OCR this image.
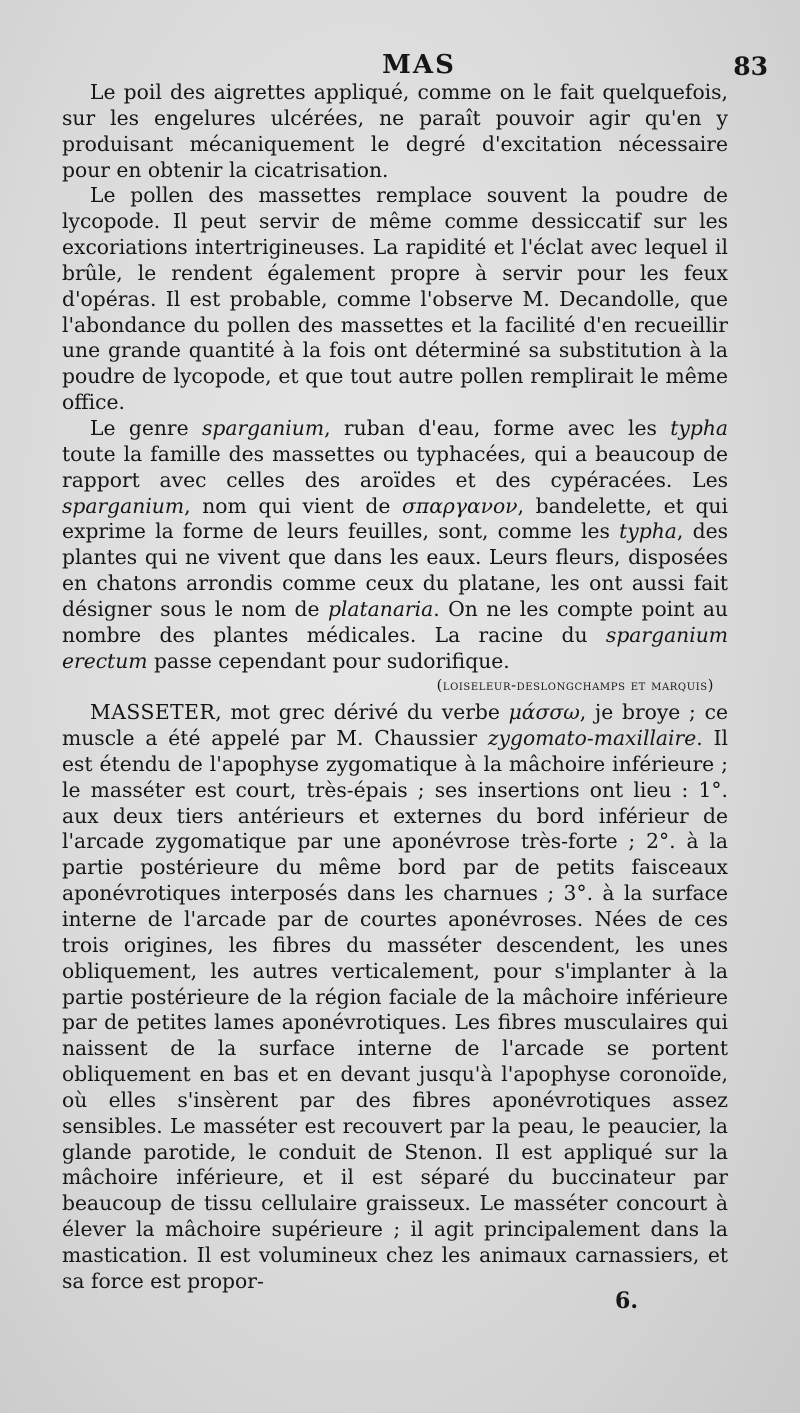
MAS	83

Le poil des aigrettes appliqué, comme on le fait quelquefois, sur les engelures ulcérées, ne paraît pouvoir agir qu'en y produisant mécaniquement le degré d'excitation nécessaire pour en obtenir la cicatrisation.

Le pollen des massettes remplace souvent la poudre de lycopode. Il peut servir de même comme dessiccatif sur les excoriations intertrigineuses. La rapidité et l'éclat avec lequel il brûle, le rendent également propre à servir pour les feux d'opéras. Il est probable, comme l'observe M. Decandolle, que l'abondance du pollen des massettes et la facilité d'en recueillir une grande quantité à la fois ont déterminé sa substitution à la poudre de lycopode, et que tout autre pollen remplirait le même office.

Le genre sparganium, ruban d'eau, forme avec les typha toute la famille des massettes ou typhacées, qui a beaucoup de rapport avec celles des aroïdes et des cypéracées. Les sparganium, nom qui vient de σπαργανον, bandelette, et qui exprime la forme de leurs feuilles, sont, comme les typha, des plantes qui ne vivent que dans les eaux. Leurs fleurs, disposées en chatons arrondis comme ceux du platane, les ont aussi fait désigner sous le nom de platanaria. On ne les compte point au nombre des plantes médicales. La racine du sparganium erectum passe cependant pour sudorifique.

(loiseleur-deslongchamps et marquis)

MASSETER, mot grec dérivé du verbe μάσσω, je broye ; ce muscle a été appelé par M. Chaussier zygomato-maxillaire. Il est étendu de l'apophyse zygomatique à la mâchoire inférieure ; le masséter est court, très-épais ; ses insertions ont lieu : 1°. aux deux tiers antérieurs et externes du bord inférieur de l'arcade zygomatique par une aponévrose très-forte ; 2°. à la partie postérieure du même bord par de petits faisceaux aponévrotiques interposés dans les charnues ; 3°. à la surface interne de l'arcade par de courtes aponévroses. Nées de ces trois origines, les fibres du masséter descendent, les unes obliquement, les autres verticalement, pour s'implanter à la partie postérieure de la région faciale de la mâchoire inférieure par de petites lames aponévrotiques. Les fibres musculaires qui naissent de la surface interne de l'arcade se portent obliquement en bas et en devant jusqu'à l'apophyse coronoïde, où elles s'insèrent par des fibres aponévrotiques assez sensibles. Le masséter est recouvert par la peau, le peaucier, la glande parotide, le conduit de Stenon. Il est appliqué sur la mâchoire inférieure, et il est séparé du buccinateur par beaucoup de tissu cellulaire graisseux. Le masséter concourt à élever la mâchoire supérieure ; il agit principalement dans la mastication. Il est volumineux chez les animaux carnassiers, et sa force est propor-

6.
